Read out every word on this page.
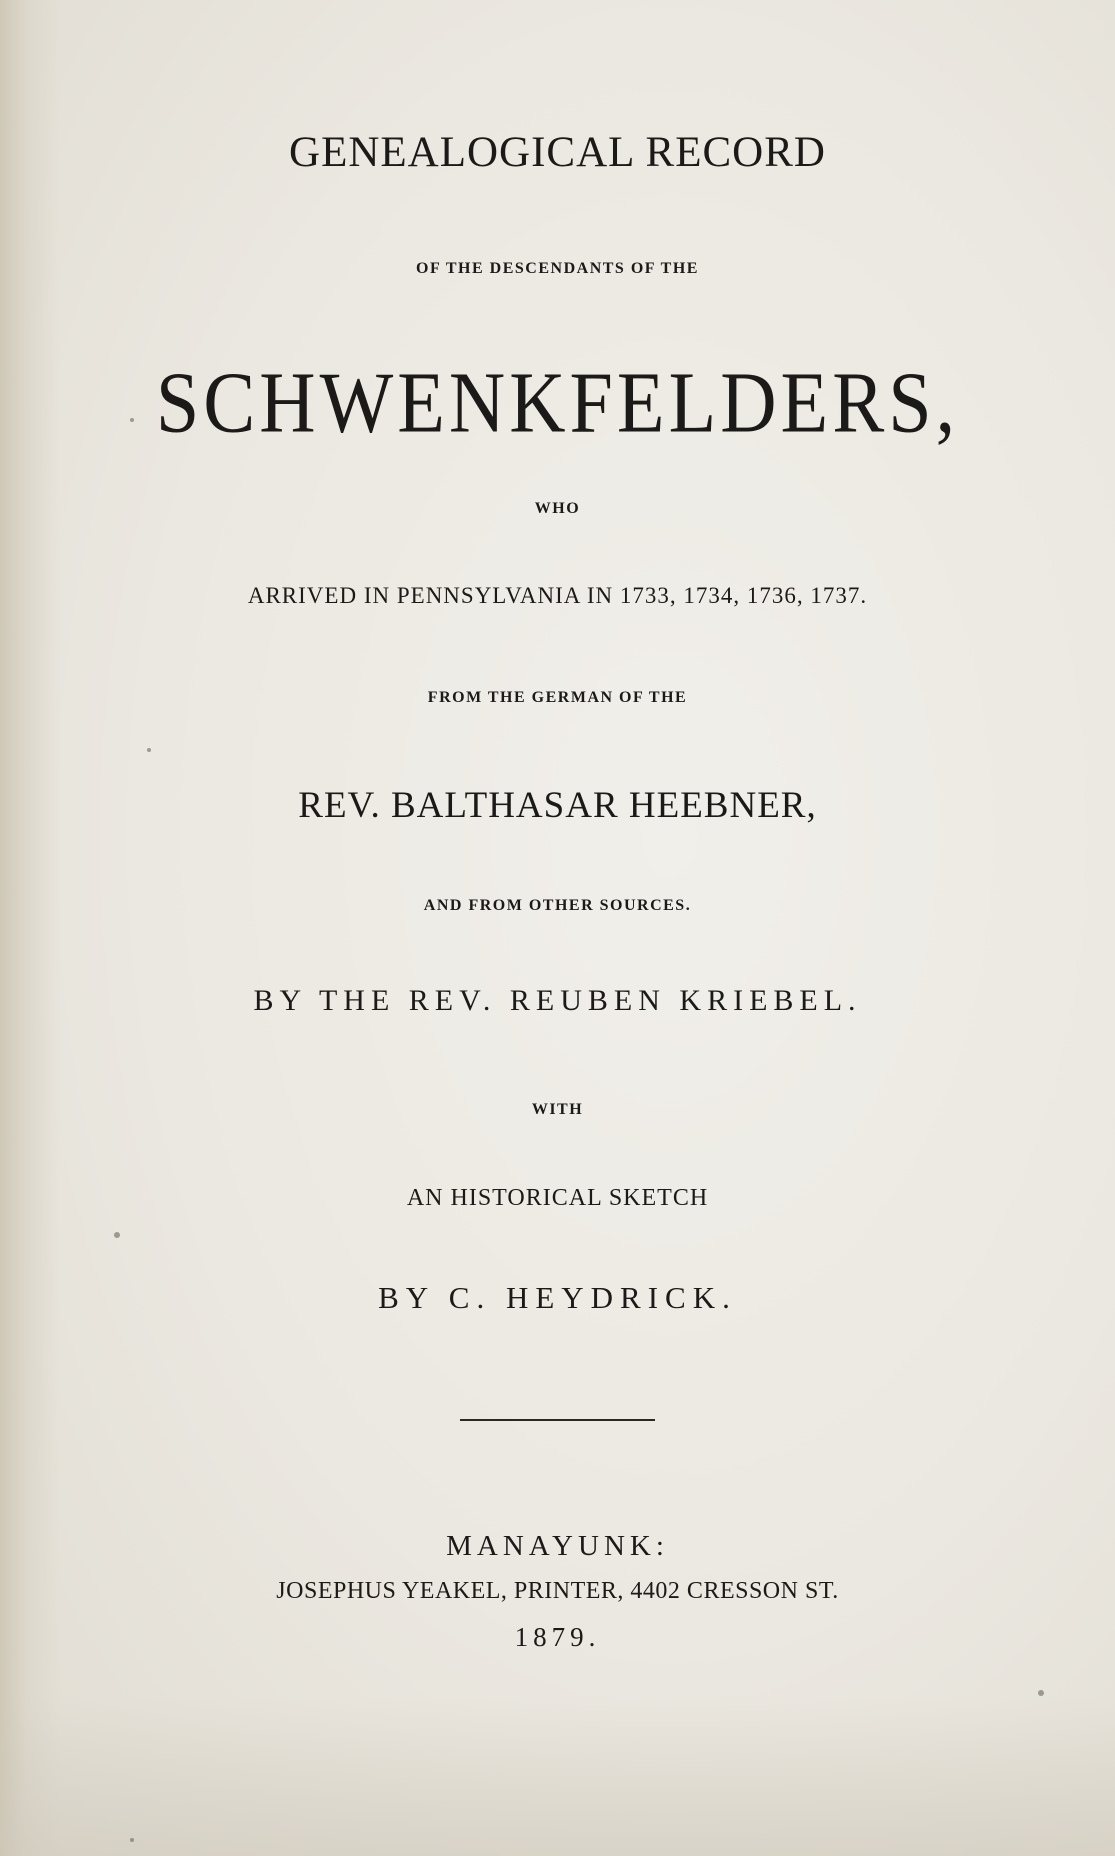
GENEALOGICAL RECORD
OF THE DESCENDANTS OF THE
SCHWENKFELDERS,
WHO
ARRIVED IN PENNSYLVANIA IN 1733, 1734, 1736, 1737.
FROM THE GERMAN OF THE
REV. BALTHASAR HEEBNER,
AND FROM OTHER SOURCES.
BY THE REV. REUBEN KRIEBEL.
WITH
AN HISTORICAL SKETCH
BY C. HEYDRICK.
MANAYUNK:
JOSEPHUS YEAKEL, PRINTER, 4402 CRESSON ST.
1879.
